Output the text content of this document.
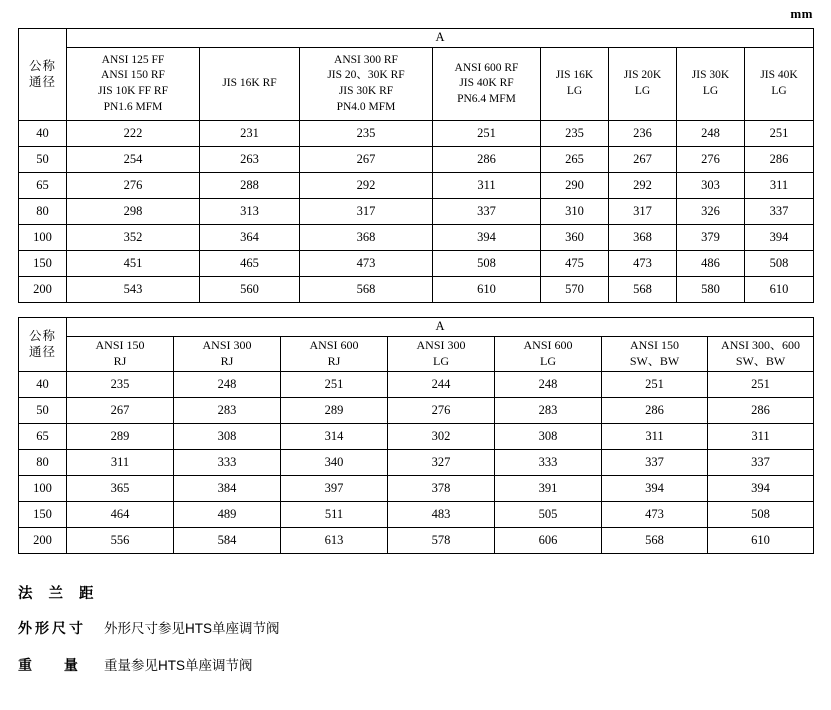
mm
公称
通径	A							

	ANSI 125 FF
ANSI 150 RF
JIS 10K FF RF
PN1.6 MFM	JIS 16K RF	ANSI 300 RF
JIS 20、30K RF
JIS 30K RF
PN4.0 MFM	ANSI 600 RF
JIS 40K RF
PN6.4 MFM	JIS 16K
LG	JIS 20K
LG	JIS 30K
LG	JIS 40K
LG

40	222	231	235	251	235	236	248	251
50	254	263	267	286	265	267	276	286
65	276	288	292	311	290	292	303	311
80	298	313	317	337	310	317	326	337
100	352	364	368	394	360	368	379	394
150	451	465	473	508	475	473	486	508
200	543	560	568	610	570	568	580	610
公称
通径	A						

	ANSI 150
RJ	ANSI 300
RJ	ANSI 600
RJ	ANSI 300
LG	ANSI 600
LG	ANSI 150
SW、BW	ANSI 300、600
SW、BW

40	235	248	251	244	248	251	251
50	267	283	289	276	283	286	286
65	289	308	314	302	308	311	311
80	311	333	340	327	333	337	337
100	365	384	397	378	391	394	394
150	464	489	511	483	505	473	508
200	556	584	613	578	606	568	610
法 兰 距
外形尺寸	外形尺寸参见HTS单座调节阀
重 量 重量参见HTS单座调节阀
